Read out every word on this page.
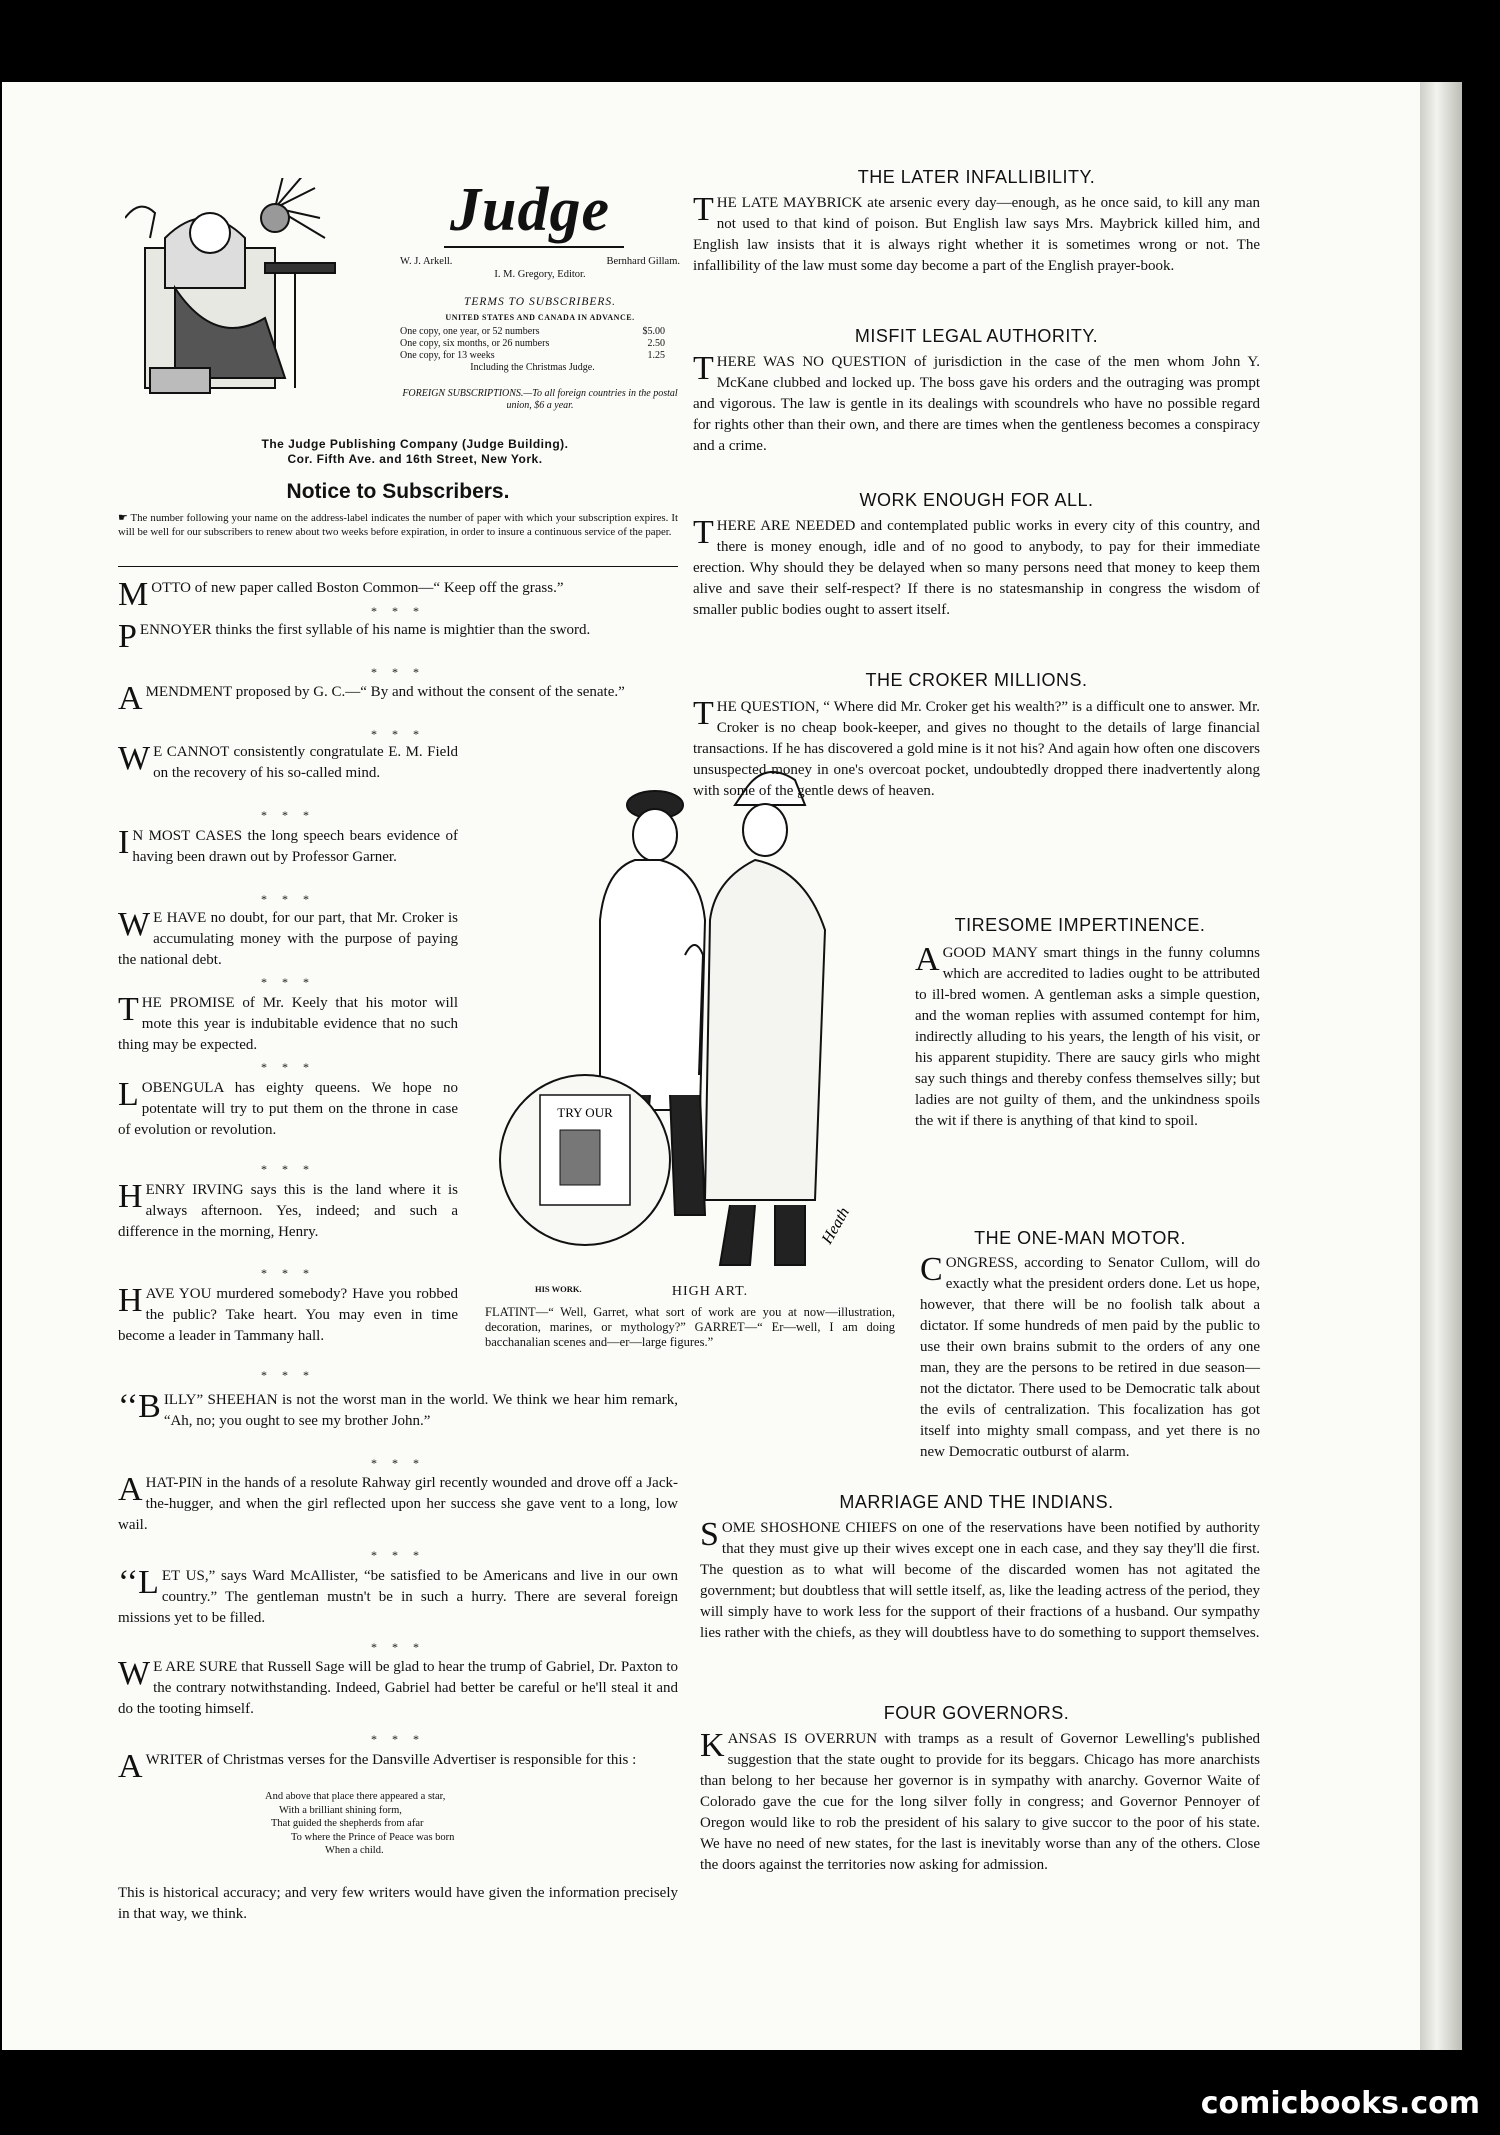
Judge
W. J. Arkell.	Bernhard Gillam.
I. M. Gregory, Editor.
TERMS TO SUBSCRIBERS.
UNITED STATES AND CANADA IN ADVANCE.
One copy, one year, or 52 numbers	$5.00
One copy, six months, or 26 numbers	2.50
One copy, for 13 weeks	1.25
Including the Christmas Judge.
FOREIGN SUBSCRIPTIONS.—To all foreign countries in the postal union, $6 a year.
The Judge Publishing Company (Judge Building).
Cor. Fifth Ave. and 16th Street, New York.
Notice to Subscribers.
☛ The number following your name on the address-label indicates the number of paper with which your subscription expires. It will be well for our subscribers to renew about two weeks before expiration, in order to insure a continuous service of the paper.
MOTTO of new paper called Boston Common—“ Keep off the grass.”
* * *
PENNOYER thinks the first syllable of his name is mightier than the sword.
* * *
AMENDMENT proposed by G. C.—“ By and without the consent of the senate.”
* * *
W E CANNOT consistently congratulate E. M. Field on the recovery of his so-called mind.
* * *
I N MOST CASES the long speech bears evidence of having been drawn out by Professor Garner.
* * *
W E HAVE no doubt, for our part, that Mr. Croker is accumulating money with the purpose of paying the national debt.
* * *
THE PROMISE of Mr. Keely that his motor will mote this year is indubitable evidence that no such thing may be expected.
* * *
LOBENGULA has eighty queens. We hope no potentate will try to put them on the throne in case of evolution or revolution.
* * *
HENRY IRVING says this is the land where it is always afternoon. Yes, indeed; and such a difference in the morning, Henry.
* * *
HAVE YOU murdered somebody? Have you robbed the public? Take heart. You may even in time become a leader in Tammany hall.
* * *
‘‘B ILLY” SHEEHAN is not the worst man in the world. We think we hear him remark, “Ah, no; you ought to see my brother John.”
* * *
AHAT-PIN in the hands of a resolute Rahway girl recently wounded and drove off a Jack-the-hugger, and when the girl reflected upon her success she gave vent to a long, low wail.
* * *
‘‘L ET US,” says Ward McAllister, “be satisfied to be Americans and live in our own country.” The gentleman mustn't be in such a hurry. There are several foreign missions yet to be filled.
* * *
W E ARE SURE that Russell Sage will be glad to hear the trump of Gabriel, Dr. Paxton to the contrary notwithstanding. Indeed, Gabriel had better be careful or he'll steal it and do the tooting himself.
* * *
AWRITER of Christmas verses for the Dansville Advertiser is responsible for this :
And above that place there appeared a star,
With a brilliant shining form,
That guided the shepherds from afar
To where the Prince of Peace was born
When a child.
This is historical accuracy; and very few writers would have given the information precisely in that way, we think.
TRY OUR
Heath
HIS WORK.	HIGH ART.
FLATINT—“ Well, Garret, what sort of work are you at now—illustration, decoration, marines, or mythology?” GARRET—“ Er—well, I am doing bacchanalian scenes and—er—large figures.”
THE LATER INFALLIBILITY.
THE LATE MAYBRICK ate arsenic every day—enough, as he once said, to kill any man not used to that kind of poison. But English law says Mrs. Maybrick killed him, and English law insists that it is always right whether it is sometimes wrong or not. The infallibility of the law must some day become a part of the English prayer-book.
MISFIT LEGAL AUTHORITY.
THERE WAS NO QUESTION of jurisdiction in the case of the men whom John Y. McKane clubbed and locked up. The boss gave his orders and the outraging was prompt and vigorous. The law is gentle in its dealings with scoundrels who have no possible regard for rights other than their own, and there are times when the gentleness becomes a conspiracy and a crime.
WORK ENOUGH FOR ALL.
THERE ARE NEEDED and contemplated public works in every city of this country, and there is money enough, idle and of no good to anybody, to pay for their immediate erection. Why should they be delayed when so many persons need that money to keep them alive and save their self-respect? If there is no statesmanship in congress the wisdom of smaller public bodies ought to assert itself.
THE CROKER MILLIONS.
THE QUESTION, “ Where did Mr. Croker get his wealth?” is a difficult one to answer. Mr. Croker is no cheap book-keeper, and gives no thought to the details of large financial transactions. If he has discovered a gold mine is it not his? And again how often one discovers unsuspected money in one's overcoat pocket, undoubtedly dropped there inadvertently along with some of the gentle dews of heaven.
TIRESOME IMPERTINENCE.
AGOOD MANY smart things in the funny columns which are accredited to ladies ought to be attributed to ill-bred women. A gentleman asks a simple question, and the woman replies with assumed contempt for him, indirectly alluding to his years, the length of his visit, or his apparent stupidity. There are saucy girls who might say such things and thereby confess themselves silly; but ladies are not guilty of them, and the unkindness spoils the wit if there is anything of that kind to spoil.
THE ONE-MAN MOTOR.
CONGRESS, according to Senator Cullom, will do exactly what the president orders done. Let us hope, however, that there will be no foolish talk about a dictator. If some hundreds of men paid by the public to use their own brains submit to the orders of any one man, they are the persons to be retired in due season—not the dictator. There used to be Democratic talk about the evils of centralization. This focalization has got itself into mighty small compass, and yet there is no new Democratic outburst of alarm.
MARRIAGE AND THE INDIANS.
SOME SHOSHONE CHIEFS on one of the reservations have been notified by authority that they must give up their wives except one in each case, and they say they'll die first. The question as to what will become of the discarded women has not agitated the government; but doubtless that will settle itself, as, like the leading actress of the period, they will simply have to work less for the support of their fractions of a husband. Our sympathy lies rather with the chiefs, as they will doubtless have to do something to support themselves.
FOUR GOVERNORS.
KANSAS IS OVERRUN with tramps as a result of Governor Lewelling's published suggestion that the state ought to provide for its beggars. Chicago has more anarchists than belong to her because her governor is in sympathy with anarchy. Governor Waite of Colorado gave the cue for the long silver folly in congress; and Governor Pennoyer of Oregon would like to rob the president of his salary to give succor to the poor of his state. We have no need of new states, for the last is inevitably worse than any of the others. Close the doors against the territories now asking for admission.
comicbooks.com
